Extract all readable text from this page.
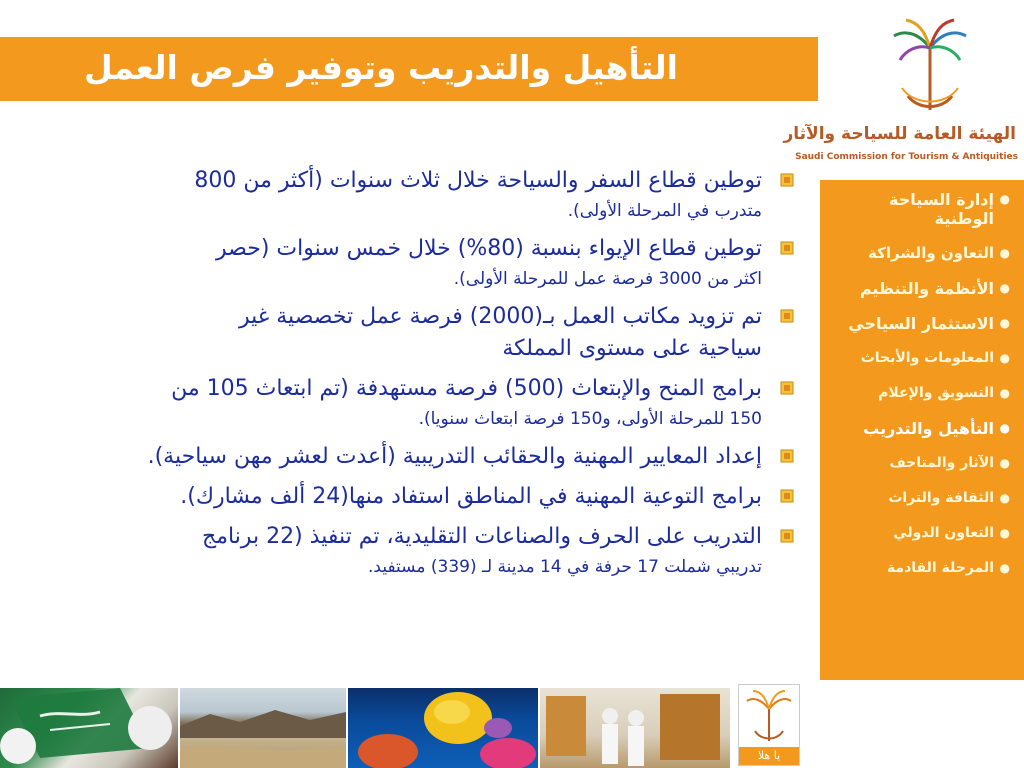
التأهيل والتدريب وتوفير فرص العمل
الهيئة العامة للسياحة والآثار
Saudi Commission for Tourism & Antiquities
●
إدارة السياحة الوطنية
●
التعاون والشراكة
●
الأنظمة والتنظيم
●
الاستثمار السياحي
●
المعلومات والأبحاث
●
التسويق والإعلام
●
التأهيل والتدريب
●
الآثار والمتاحف
●
الثقافة والتراث
●
التعاون الدولي
●
المرحلة القادمة
توطين قطاع السفر والسياحة خلال ثلاث سنوات (أكثر من 800
متدرب في المرحلة الأولى).
توطين قطاع الإيواء بنسبة (80%) خلال خمس سنوات (حصر
اكثر من 3000 فرصة عمل للمرحلة الأولى).
تم تزويد مكاتب العمل بـ(2000) فرصة عمل تخصصية غير
سياحية على مستوى المملكة
برامج المنح والإبتعاث (500) فرصة مستهدفة (تم ابتعاث 105 من
150 للمرحلة الأولى، و150 فرصة ابتعاث سنويا).
إعداد المعايير المهنية والحقائب التدريبية (أعدت لعشر مهن سياحية).
برامج التوعية المهنية في المناطق استفاد منها(24 ألف مشارك).
التدريب على الحرف والصناعات التقليدية، تم تنفيذ (22 برنامج
تدريبي شملت 17 حرفة في 14 مدينة لـ (339) مستفيد.
يا هلا
